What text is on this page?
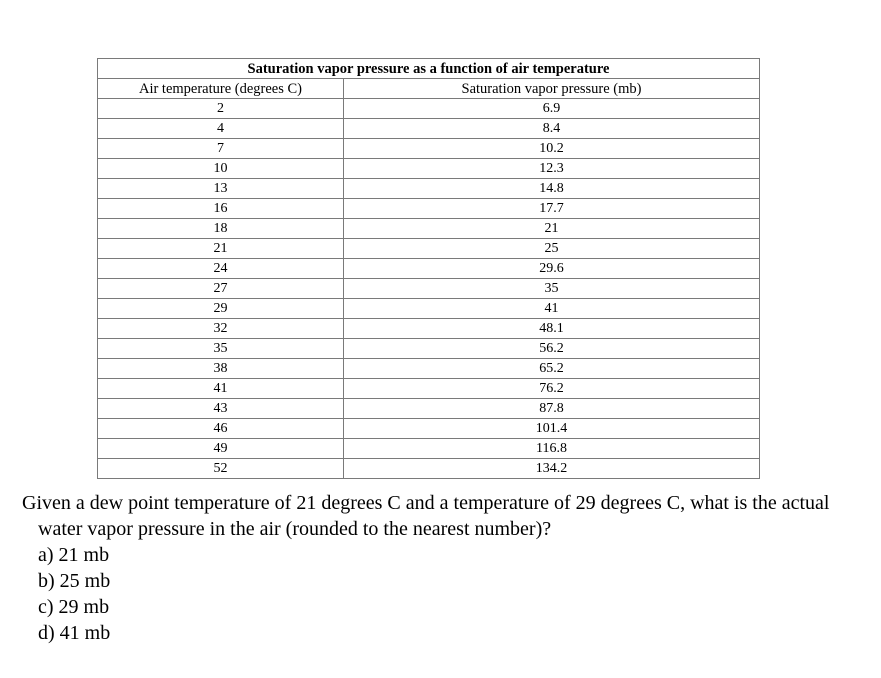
Saturation vapor pressure as a function of air temperature	
Air temperature (degrees C)	Saturation vapor pressure (mb)
2	6.9
4	8.4
7	10.2
10	12.3
13	14.8
16	17.7
18	21
21	25
24	29.6
27	35
29	41
32	48.1
35	56.2
38	65.2
41	76.2
43	87.8
46	101.4
49	116.8
52	134.2

Given a dew point temperature of 21 degrees C and a temperature of 29 degrees C, what is the actual water vapor pressure in the air (rounded to the nearest number)?

a) 21 mb
b) 25 mb
c) 29 mb
d) 41 mb
